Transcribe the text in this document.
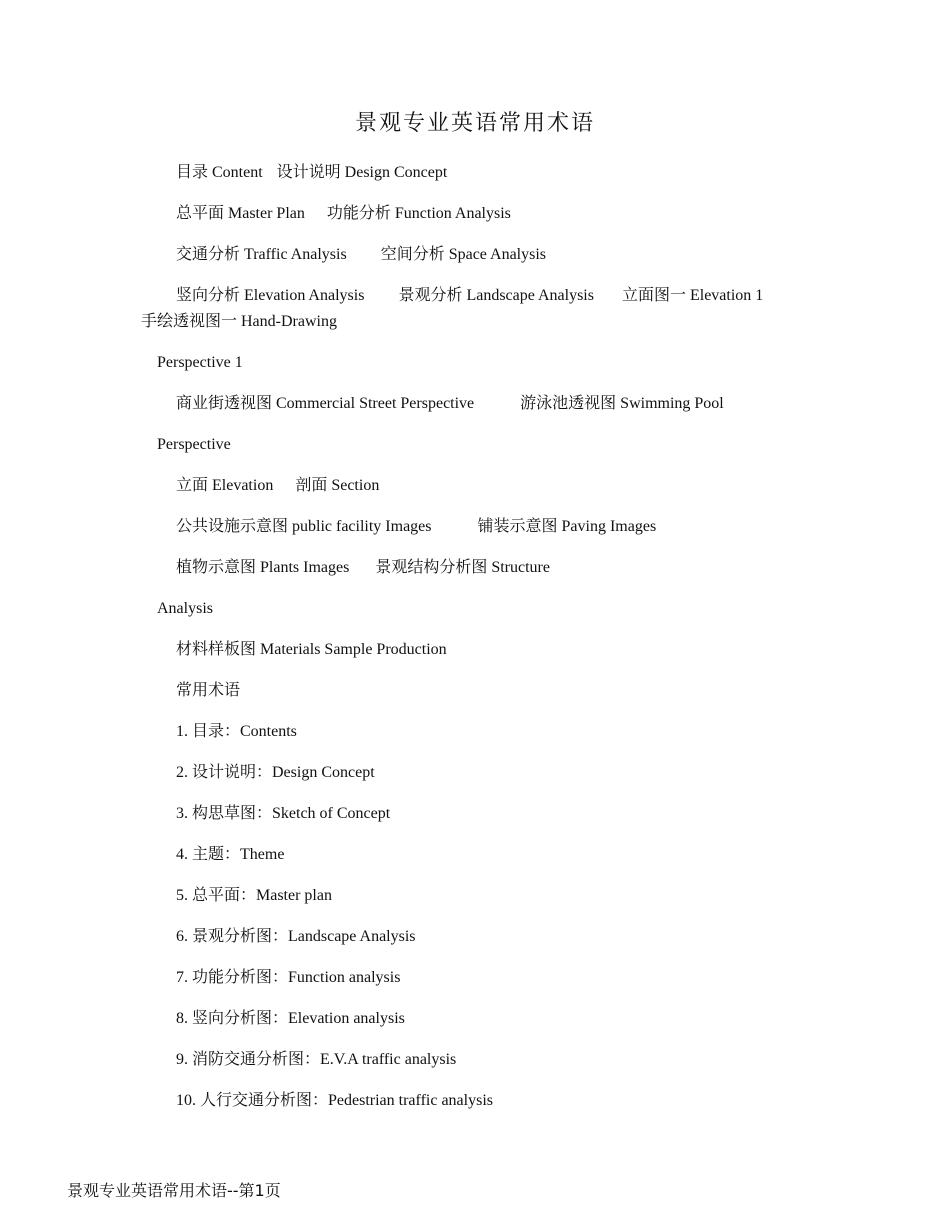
景观专业英语常用术语
目录 Content 设计说明 Design Concept
总平面 Master Plan 功能分析 Function Analysis
交通分析 Traffic Analysis 空间分析 Space Analysis
竖向分析 Elevation Analysis 景观分析 Landscape Analysis 立面图一 Elevation 1
手绘透视图一 Hand-Drawing
Perspective 1
商业街透视图 Commercial Street Perspective	游泳池透视图 Swimming Pool
Perspective
立面 Elevation 剖面 Section
公共设施示意图 public facility Images	铺装示意图 Paving Images
植物示意图 Plants Images 景观结构分析图 Structure
Analysis
材料样板图 Materials Sample Production
常用术语
1. 目录：Contents
2. 设计说明：Design Concept
3. 构思草图：Sketch of Concept
4. 主题：Theme
5. 总平面：Master plan
6. 景观分析图：Landscape Analysis
7. 功能分析图：Function analysis
8. 竖向分析图：Elevation analysis
9. 消防交通分析图：E.V.A traffic analysis
10. 人行交通分析图：Pedestrian traffic analysis
景观专业英语常用术语--第1页
